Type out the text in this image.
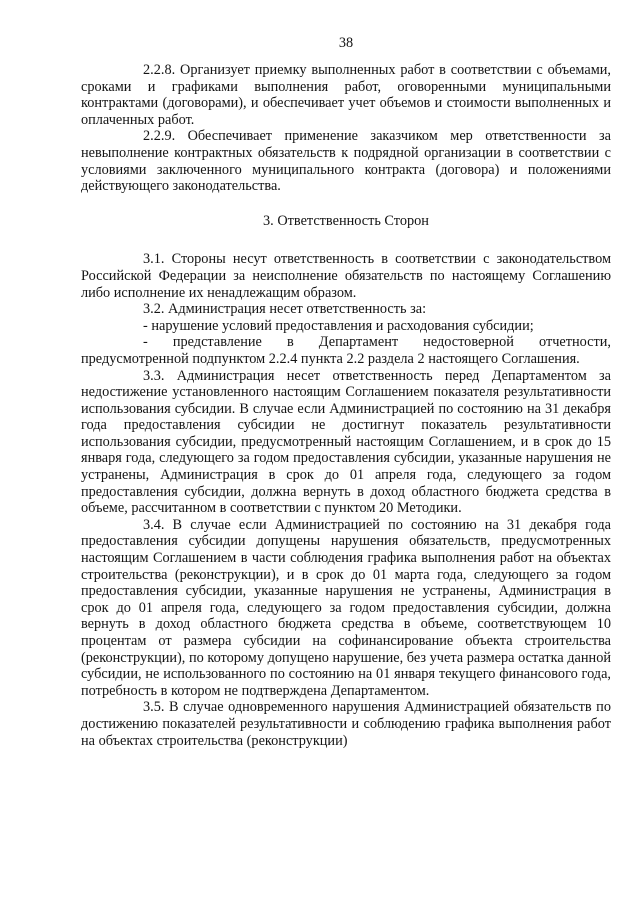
38

2.2.8. Организует приемку выполненных работ в соответствии с объемами, сроками и графиками выполнения работ, оговоренными муниципальными контрактами (договорами), и обеспечивает учет объемов и стоимости выполненных и оплаченных работ.

2.2.9. Обеспечивает применение заказчиком мер ответственности за невыполнение контрактных обязательств к подрядной организации в соответствии с условиями заключенного муниципального контракта (договора) и положениями действующего законодательства.

3. Ответственность Сторон

3.1. Стороны несут ответственность в соответствии с законодательством Российской Федерации за неисполнение обязательств по настоящему Соглашению либо исполнение их ненадлежащим образом.

3.2. Администрация несет ответственность за:

- нарушение условий предоставления и расходования субсидии;

- представление в Департамент недостоверной отчетности, предусмотренной подпунктом 2.2.4 пункта 2.2 раздела 2 настоящего Соглашения.

3.3. Администрация несет ответственность перед Департаментом за недостижение установленного настоящим Соглашением показателя результативности использования субсидии. В случае если Администрацией по состоянию на 31 декабря года предоставления субсидии не достигнут показатель результативности использования субсидии, предусмотренный настоящим Соглашением, и в срок до 15 января года, следующего за годом предоставления субсидии, указанные нарушения не устранены, Администрация в срок до 01 апреля года, следующего за годом предоставления субсидии, должна вернуть в доход областного бюджета средства в объеме, рассчитанном в соответствии с пунктом 20 Методики.

3.4. В случае если Администрацией по состоянию на 31 декабря года предоставления субсидии допущены нарушения обязательств, предусмотренных настоящим Соглашением в части соблюдения графика выполнения работ на объектах строительства (реконструкции), и в срок до 01 марта года, следующего за годом предоставления субсидии, указанные нарушения не устранены, Администрация в срок до 01 апреля года, следующего за годом предоставления субсидии, должна вернуть в доход областного бюджета средства в объеме, соответствующем 10 процентам от размера субсидии на софинансирование объекта строительства (реконструкции), по которому допущено нарушение, без учета размера остатка данной субсидии, не использованного по состоянию на 01 января текущего финансового года, потребность в котором не подтверждена Департаментом.

3.5. В случае одновременного нарушения Администрацией обязательств по достижению показателей результативности и соблюдению графика выполнения работ на объектах строительства (реконструкции)
